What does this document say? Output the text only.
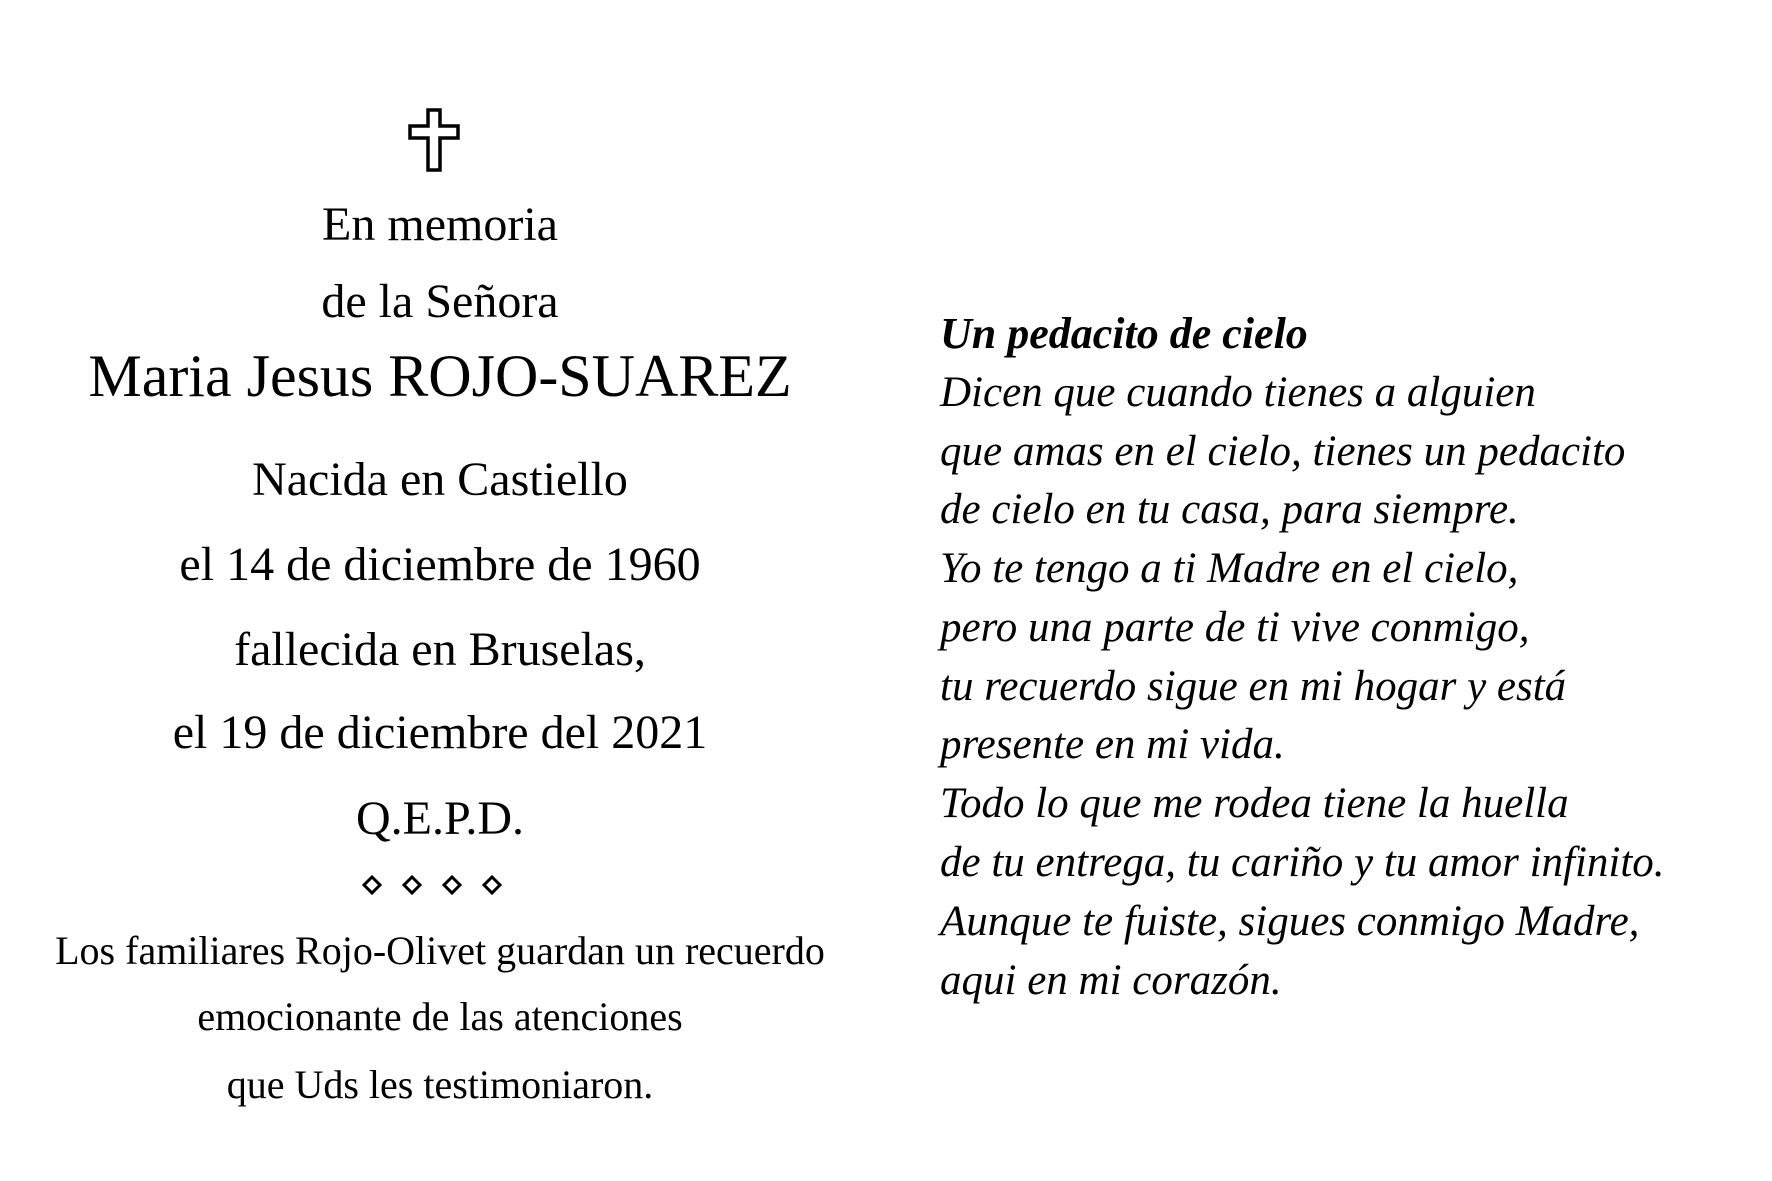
En memoria
de la Señora
Maria Jesus ROJO-SUAREZ
Nacida en Castiello
el 14 de diciembre de 1960
fallecida en Bruselas,
el 19 de diciembre del 2021
Q.E.P.D.
Los familiares Rojo-Olivet guardan un recuerdo
emocionante de las atenciones
que Uds les testimoniaron.
Un pedacito de cielo
Dicen que cuando tienes a alguien
que amas en el cielo, tienes un pedacito
de cielo en tu casa, para siempre.
Yo te tengo a ti Madre en el cielo,
pero una parte de ti vive conmigo,
tu recuerdo sigue en mi hogar y está
presente en mi vida.
Todo lo que me rodea tiene la huella
de tu entrega, tu cariño y tu amor infinito.
Aunque te fuiste, sigues conmigo Madre,
aqui en mi corazón.
